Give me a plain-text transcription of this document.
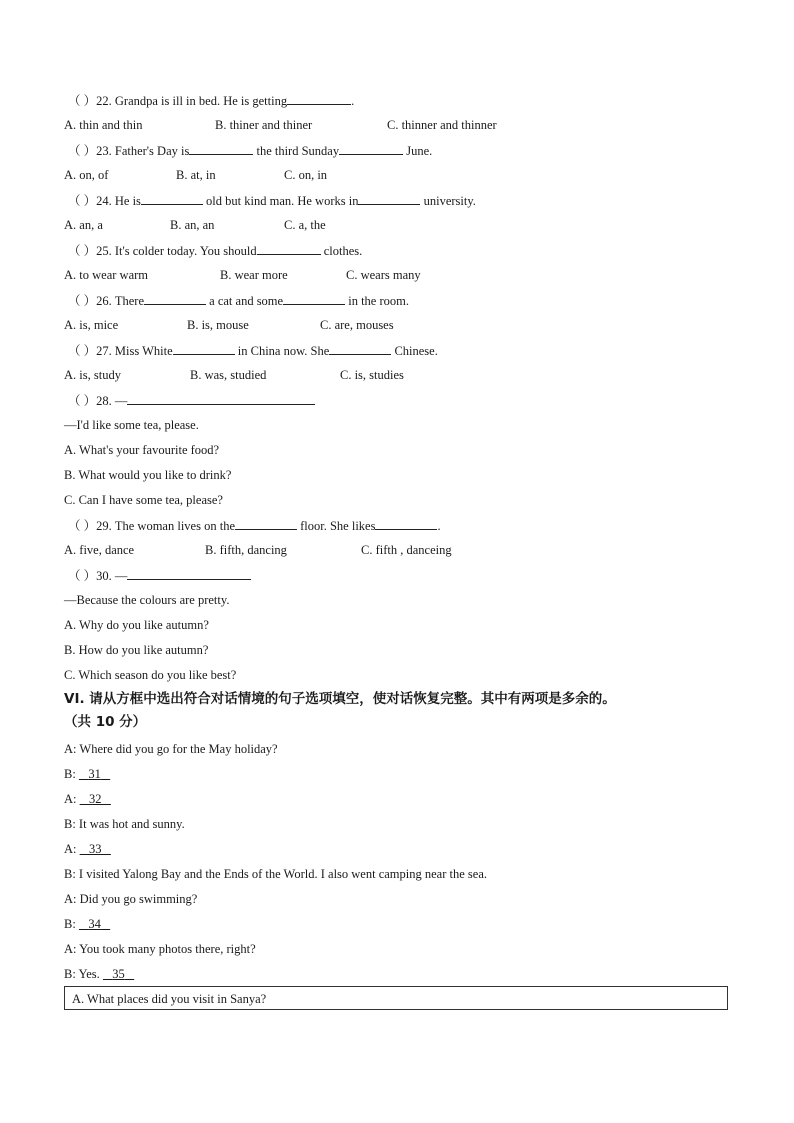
（ ）22. Grandpa is ill in bed. He is getting	.
A. thin and thin	B. thiner and thiner	C. thinner and thinner
（ ）23. Father's Day is	the third Sunday	June.
A. on, of	B. at, in	C. on, in
（ ）24. He is	old but kind man. He works in	university.
A. an, a	B. an, an	C. a, the
（ ）25. It's colder today. You should	clothes.
A. to wear warm	B. wear more	C. wears many
（ ）26. There	a cat and some	in the room.
A. is, mice	B. is, mouse	C. are, mouses
（ ）27. Miss White	in China now. She	Chinese.
A. is, study	B. was, studied	C. is, studies
（ ）28. —
—I'd like some tea, please.
A. What's your favourite food?
B. What would you like to drink?
C. Can I have some tea, please?
（ ）29. The woman lives on the	floor. She likes	.
A. five, dance	B. fifth, dancing	C. fifth , danceing
（ ）30. —
—Because the colours are pretty.
A. Why do you like autumn?
B. How do you like autumn?
C. Which season do you like best?
VI. 请从方框中选出符合对话情境的句子选项填空，使对话恢复完整。其中有两项是多余的。
（共 10 分）
A: Where did you go for the May holiday?
B:    31
A:    32
B: It was hot and sunny.
A:    33
B: I visited Yalong Bay and the Ends of the World. I also went camping near the sea.
A: Did you go swimming?
B:    34
A: You took many photos there, right?
B: Yes.    35
A. What places did you visit in Sanya?
